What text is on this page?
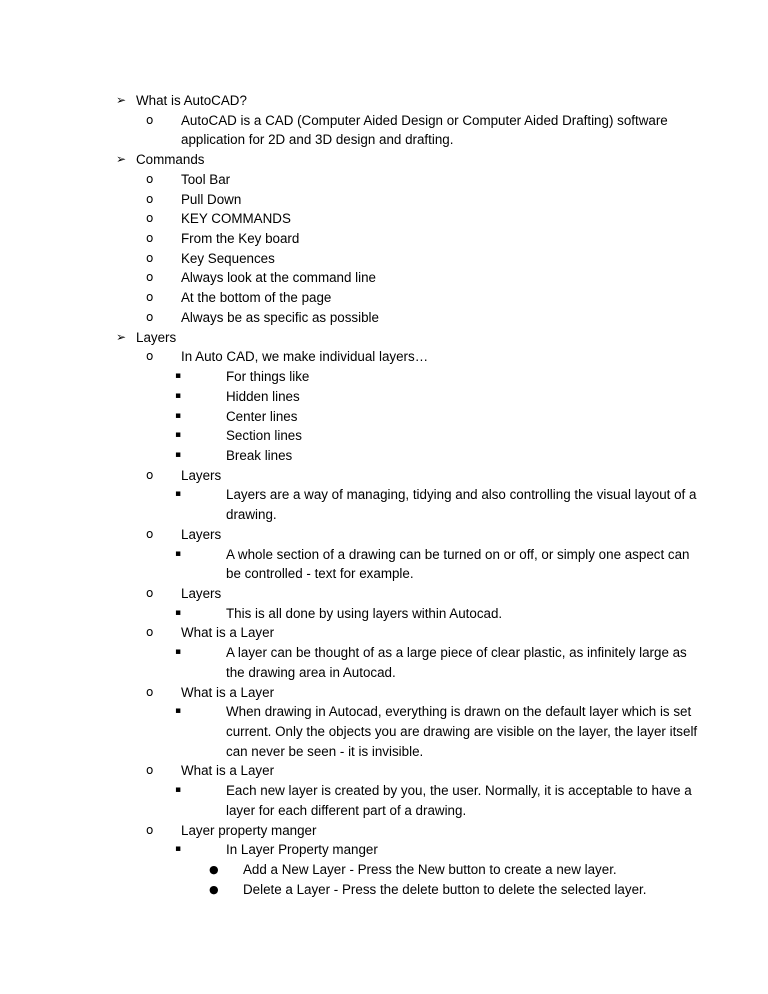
➢ What is AutoCAD?
o AutoCAD is a CAD (Computer Aided Design or Computer Aided Drafting) software
application for 2D and 3D design and drafting.
➢ Commands
o Tool Bar
o Pull Down
o KEY COMMANDS
o From the Key board
o Key Sequences
o Always look at the command line
o At the bottom of the page
o Always be as specific as possible
➢ Layers
o In Auto CAD, we make individual layers…
▪	For things like
▪	Hidden lines
▪	Center lines
▪	Section lines
▪	Break lines
o Layers
▪	Layers are a way of managing, tidying and also controlling the visual layout of a
drawing.
o Layers
▪	A whole section of a drawing can be turned on or off, or simply one aspect can
be controlled - text for example.
o Layers
▪	This is all done by using layers within Autocad.
o What is a Layer
▪	A layer can be thought of as a large piece of clear plastic, as infinitely large as
the drawing area in Autocad.
o What is a Layer
▪	When drawing in Autocad, everything is drawn on the default layer which is set
current. Only the objects you are drawing are visible on the layer, the layer itself
can never be seen - it is invisible.
o What is a Layer
▪	Each new layer is created by you, the user. Normally, it is acceptable to have a
layer for each different part of a drawing.
o Layer property manger
▪	In Layer Property manger
● Add a New Layer - Press the New button to create a new layer.
● Delete a Layer - Press the delete button to delete the selected layer.
